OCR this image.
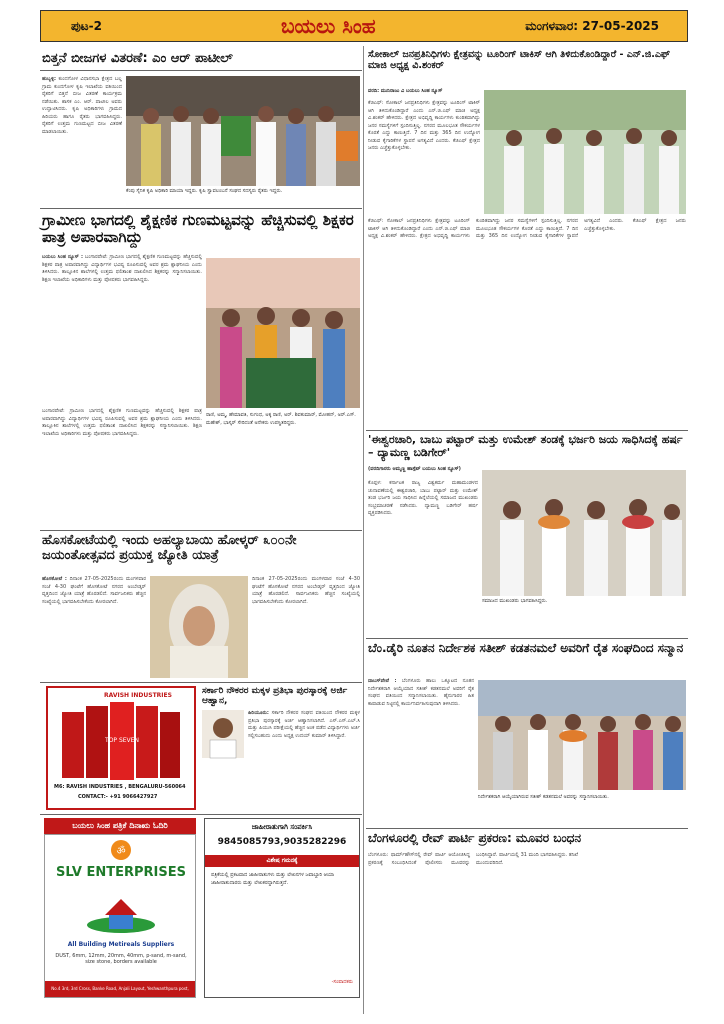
ಪುಟ-2	ಬಯಲು ಸಿಂಹ	ಮಂಗಳವಾರ: 27-05-2025
ಬಿತ್ತನೆ ಬೀಜಗಳ ವಿತರಣೆ: ಎಂ ಆರ್ ಪಾಟೀಲ್
ಹುಬ್ಬಳ್ಳಿ: ಕುಂದಗೋಳ ವಿಧಾನಸಭಾ ಕ್ಷೇತ್ರದ ಬಲ್ಲ ಗ್ರಾಮ ಕುಂದಗೋಳ ಕೃಷಿ ಇಲಾಖೆಯ ವತಿಯಿಂದ ರೈತರಿಗೆ ಬಿತ್ತನೆ ಬೀಜ ವಿತರಣೆ ಕಾರ್ಯಕ್ರಮ ನಡೆಯಿತು. ಶಾಸಕ ಎಂ. ಆರ್. ಪಾಟೀಲ ಅವರು ಉದ್ಘಾಟಿಸಿದರು. ಕೃಷಿ ಅಧಿಕಾರಿಗಳು ಗ್ರಾಮದ ಹಿರಿಯರು ಹಾಗೂ ರೈತರು ಭಾಗವಹಿಸಿದ್ದರು. ರೈತರಿಗೆ ಉತ್ತಮ ಗುಣಮಟ್ಟದ ಬೀಜ ವಿತರಣೆ ಮಾಡಲಾಯಿತು.
ಕೆಂಪು ಸೈನಿಕ ಕೃಷಿ ಅಧಿಕಾರಿ ಮಾಯಾ ಇದ್ದರು. ಕೃಷಿ ಸ್ವಾವಲಂಬನೆ ಸಂಘದ ಸದಸ್ಯರು ರೈತರು ಇದ್ದರು.
ಗ್ರಾಮೀಣ ಭಾಗದಲ್ಲಿ ಶೈಕ್ಷಣಿಕ ಗುಣಮಟ್ಟವನ್ನು ಹೆಚ್ಚಿಸುವಲ್ಲಿ ಶಿಕ್ಷಕರ ಪಾತ್ರ ಅಪಾರವಾಗಿದ್ದು
ಬಯಲು ಸಿಂಹ ನ್ಯೂಸ್ : ಬಂಗಾರಪೇಟೆ: ಗ್ರಾಮೀಣ ಭಾಗದಲ್ಲಿ ಶೈಕ್ಷಣಿಕ ಗುಣಮಟ್ಟವನ್ನು ಹೆಚ್ಚಿಸುವಲ್ಲಿ ಶಿಕ್ಷಕರ ಪಾತ್ರ ಅಪಾರವಾಗಿದ್ದು ವಿದ್ಯಾರ್ಥಿಗಳ ಭವಿಷ್ಯ ರೂಪಿಸುವಲ್ಲಿ ಅವರ ಶ್ರಮ ಶ್ಲಾಘನೀಯ ಎಂದು ತಿಳಿಸಿದರು. ತಾಲ್ಲೂಕಿನ ಶಾಲೆಗಳಲ್ಲಿ ಉತ್ತಮ ಫಲಿತಾಂಶ ದಾಖಲಿಸಿದ ಶಿಕ್ಷಕರನ್ನು ಸನ್ಮಾನಿಸಲಾಯಿತು. ಶಿಕ್ಷಣ ಇಲಾಖೆಯ ಅಧಿಕಾರಿಗಳು ಮತ್ತು ಪೋಷಕರು ಭಾಗವಹಿಸಿದ್ದರು.
ಬಂಗಾರಪೇಟೆ: ಗ್ರಾಮೀಣ ಭಾಗದಲ್ಲಿ ಶೈಕ್ಷಣಿಕ ಗುಣಮಟ್ಟವನ್ನು ಹೆಚ್ಚಿಸುವಲ್ಲಿ ಶಿಕ್ಷಕರ ಪಾತ್ರ ಅಪಾರವಾಗಿದ್ದು ವಿದ್ಯಾರ್ಥಿಗಳ ಭವಿಷ್ಯ ರೂಪಿಸುವಲ್ಲಿ ಅವರ ಶ್ರಮ ಶ್ಲಾಘನೀಯ ಎಂದು ತಿಳಿಸಿದರು. ತಾಲ್ಲೂಕಿನ ಶಾಲೆಗಳಲ್ಲಿ ಉತ್ತಮ ಫಲಿತಾಂಶ ದಾಖಲಿಸಿದ ಶಿಕ್ಷಕರನ್ನು ಸನ್ಮಾನಿಸಲಾಯಿತು. ಶಿಕ್ಷಣ ಇಲಾಖೆಯ ಅಧಿಕಾರಿಗಳು ಮತ್ತು ಪೋಷಕರು ಭಾಗವಹಿಸಿದ್ದರು.
ರಾಣಿ, ಅಮ್ಮ, ಹೇಮಾವತಿ, ಸುಗಂಧ, ಅಕ್ಕ ರಾಣಿ, ಅರ್. ಶಿವಕುಮಾರ್, ಮೋಹನ್, ಅರ್.ಎಸ್. ಮಹೇಶ್, ಭಾಸ್ಕರ್ ಸೇರಿದಂತೆ ಅನೇಕರು ಉಪಸ್ಥಿತರಿದ್ದರು.
ಹೊಸಕೋಟೆಯಲ್ಲಿ ಇಂದು ಅಹಲ್ಯಾಬಾಯಿ ಹೋಳ್ಕರ್ ೩೦೦ನೇ ಜಯಂತೋತ್ಸವದ ಪ್ರಯುಕ್ತ ಜ್ಯೋತಿ ಯಾತ್ರೆ
ಹೊಸಕೋಟೆ : ದಿನಾಂಕ 27-05-2025ರಂದು ಮಂಗಳವಾರ ಸಂಜೆ 4-30 ಘಂಟೆಗೆ ಹೊಸಕೋಟೆ ನಗರದ ಅಂಬೇಡ್ಕರ್ ವೃತ್ತದಿಂದ ಜ್ಯೋತಿ ಯಾತ್ರೆ ಹೊರಡಲಿದೆ. ಸಾರ್ವಜನಿಕರು ಹೆಚ್ಚಿನ ಸಂಖ್ಯೆಯಲ್ಲಿ ಭಾಗವಹಿಸಬೇಕೆಂದು ಕೋರಲಾಗಿದೆ.
ದಿನಾಂಕ 27-05-2025ರಂದು ಮಂಗಳವಾರ ಸಂಜೆ 4-30 ಘಂಟೆಗೆ ಹೊಸಕೋಟೆ ನಗರದ ಅಂಬೇಡ್ಕರ್ ವೃತ್ತದಿಂದ ಜ್ಯೋತಿ ಯಾತ್ರೆ ಹೊರಡಲಿದೆ. ಸಾರ್ವಜನಿಕರು ಹೆಚ್ಚಿನ ಸಂಖ್ಯೆಯಲ್ಲಿ ಭಾಗವಹಿಸಬೇಕೆಂದು ಕೋರಲಾಗಿದೆ.
RAVISH INDUSTRIES
TOP SEVEN
M6: RAVISH INDUSTRIES , BENGALURU-560064
CONTACT:- +91 9066427927
ಸರ್ಕಾರಿ ನೌಕರರ ಮಕ್ಕಳ ಪ್ರತಿಭಾ ಪುರಸ್ಕಾರಕ್ಕೆ ಅರ್ಜಿ ಆಹ್ವಾನ,
ಹಿರಿಯೂರು: ಸರ್ಕಾರಿ ನೌಕರರ ಸಂಘದ ವತಿಯಿಂದ ನೌಕರರ ಮಕ್ಕಳ ಪ್ರತಿಭಾ ಪುರಸ್ಕಾರಕ್ಕೆ ಅರ್ಜಿ ಆಹ್ವಾನಿಸಲಾಗಿದೆ. ಎಸ್.ಎಸ್.ಎಲ್.ಸಿ ಮತ್ತು ಪಿಯುಸಿ ಪರೀಕ್ಷೆಯಲ್ಲಿ ಹೆಚ್ಚಿನ ಅಂಕ ಪಡೆದ ವಿದ್ಯಾರ್ಥಿಗಳು ಅರ್ಜಿ ಸಲ್ಲಿಸಬಹುದು ಎಂದು ಅಧ್ಯಕ್ಷ ಉದಯ್ ಕುಮಾರ್ ತಿಳಿಸಿದ್ದಾರೆ.
ಬಯಲು ಸಿಂಹ ಪತ್ರಿಕೆ ದಿನಾಋ ಓದಿರಿ
ॐ
SLV ENTERPRISES
All Building Metireals Suppliers
DUST, 6mm, 12mm, 20mm, 40mm, p-sand, m-sand, size stone, borders available
No.4 3rd, 3rd Cross, Banke Road, Anjali Layout, Yeshwanthpura post, Bengaluru-22
ಜಾಹೀರಾತುಗಾಗಿ ಸಂಪರ್ಕಿಸಿ
9845085793,9035282296
ವಿಶೇಷ ಗಮನಕ್ಕೆ
ಪತ್ರಿಕೆಯಲ್ಲಿ ಪ್ರಕಟವಾದ ಜಾಹೀರಾತುಗಳು ಮತ್ತು ಲೇಖನಗಳ ಜವಾಬ್ದಾರಿ ಆಯಾ ಜಾಹೀರಾತುದಾರರು ಮತ್ತು ಲೇಖಕರದ್ದಾಗಿರುತ್ತದೆ.
-ಸಂಪಾದಕರು
ಸೋಕಾಲ್ ಜನಪ್ರತಿನಿಧಿಗಳು ಕ್ಷೇತ್ರವನ್ನು ಟೂರಿಂಗ್ ಟಾಕಿಸ್ ಆಗಿ ತಿಳಿದುಕೊಂಡಿದ್ದಾರೆ - ಎನ್.ಜಿ.ಎಫ್ ಮಾಜಿ ಅಧ್ಯಕ್ಷ ವಿ.ಶಂಕರ್
ವರದಿ: ಮುನಿರಾಜು ವಿ ಬಯಲು ಸಿಂಹ ನ್ಯೂಸ್
ಕೆಜಿಎಫ್: ಸೋಕಾಲ್ ಜನಪ್ರತಿನಿಧಿಗಳು ಕ್ಷೇತ್ರವನ್ನು ಟೂರಿಂಗ್ ಟಾಕಿಸ್ ಆಗಿ ತಿಳಿದುಕೊಂಡಿದ್ದಾರೆ ಎಂದು ಎನ್.ಜಿ.ಎಫ್ ಮಾಜಿ ಅಧ್ಯಕ್ಷ ವಿ.ಶಂಕರ್ ಹೇಳಿದರು. ಕ್ಷೇತ್ರದ ಅಭಿವೃದ್ಧಿ ಕಾರ್ಯಗಳು ಕುಂಠಿತವಾಗಿದ್ದು ಜನರ ಸಮಸ್ಯೆಗಳಿಗೆ ಸ್ಪಂದಿಸುತ್ತಿಲ್ಲ. ನಗರದ ಮೂಲಭೂತ ಸೌಕರ್ಯಗಳ ಕೊರತೆ ಎದ್ದು ಕಾಣುತ್ತಿದೆ. 7 ದಿನ ಮತ್ತು 365 ದಿನ ಉದ್ಯೋಗ ನೀಡುವ ಕೈಗಾರಿಕೆಗಳ ಸ್ಥಾಪನೆ ಅಗತ್ಯವಿದೆ ಎಂದರು. ಕೆಜಿಎಫ್ ಕ್ಷೇತ್ರದ ಜನರು ಎಚ್ಚೆತ್ತುಕೊಳ್ಳಬೇಕು.
ಕೆಜಿಎಫ್: ಸೋಕಾಲ್ ಜನಪ್ರತಿನಿಧಿಗಳು ಕ್ಷೇತ್ರವನ್ನು ಟೂರಿಂಗ್ ಟಾಕಿಸ್ ಆಗಿ ತಿಳಿದುಕೊಂಡಿದ್ದಾರೆ ಎಂದು ಎನ್.ಜಿ.ಎಫ್ ಮಾಜಿ ಅಧ್ಯಕ್ಷ ವಿ.ಶಂಕರ್ ಹೇಳಿದರು. ಕ್ಷೇತ್ರದ ಅಭಿವೃದ್ಧಿ ಕಾರ್ಯಗಳು ಕುಂಠಿತವಾಗಿದ್ದು ಜನರ ಸಮಸ್ಯೆಗಳಿಗೆ ಸ್ಪಂದಿಸುತ್ತಿಲ್ಲ. ನಗರದ ಮೂಲಭೂತ ಸೌಕರ್ಯಗಳ ಕೊರತೆ ಎದ್ದು ಕಾಣುತ್ತಿದೆ. 7 ದಿನ ಮತ್ತು 365 ದಿನ ಉದ್ಯೋಗ ನೀಡುವ ಕೈಗಾರಿಕೆಗಳ ಸ್ಥಾಪನೆ ಅಗತ್ಯವಿದೆ ಎಂದರು. ಕೆಜಿಎಫ್ ಕ್ಷೇತ್ರದ ಜನರು ಎಚ್ಚೆತ್ತುಕೊಳ್ಳಬೇಕು.
'ಈಶ್ವರಚಾರಿ, ಬಾಬು ಪಟ್ಟಾರ್ ಮತ್ತು ಉಮೇಶ್ ತಂಡಕ್ಕೆ ಭರ್ಜರಿ ಜಯ ಸಾಧಿಸಿದಕ್ಕೆ ಹರ್ಷ – ದ್ಯಾಮಣ್ಣ ಬಡಿಗೇರ್'
(ವರದಿಗಾರರು ಅಮ್ಮಣ್ಣ ಹಾಸ್ಪೆಟ್ ಬಯಲು ಸಿಂಹ ನ್ಯೂಸ್)
ಕೊಪ್ಪಳ: ಕರ್ನಾಟಕ ರಾಜ್ಯ ವಿಶ್ವಕರ್ಮ ಮಹಾಮಂಡಳದ ಚುನಾವಣೆಯಲ್ಲಿ ಈಶ್ವರಚಾರಿ, ಬಾಬು ಪಟ್ಟಾರ್ ಮತ್ತು ಉಮೇಶ್ ತಂಡ ಭರ್ಜರಿ ಜಯ ಸಾಧಿಸಿದ ಹಿನ್ನೆಲೆಯಲ್ಲಿ ಸಮಾಜದ ಮುಖಂಡರು ಸಂಭ್ರಮಾಚರಣೆ ನಡೆಸಿದರು. ದ್ಯಾಮಣ್ಣ ಬಡಿಗೇರ್ ಹರ್ಷ ವ್ಯಕ್ತಪಡಿಸಿದರು.
ಸಮಾಜದ ಮುಖಂಡರು ಭಾಗವಹಿಸಿದ್ದರು.
ಬೆಂ.ಡೈರಿ ನೂತನ ನಿರ್ದೇಶಕ ಸತೀಶ್ ಕಡತನಮಲೆ ಅವರಿಗೆ ರೈತ ಸಂಘದಿಂದ ಸನ್ಮಾನ
ದಾಬಸ್‌ಪೇಟೆ : ಬೆಂಗಳೂರು ಹಾಲು ಒಕ್ಕೂಟದ ನೂತನ ನಿರ್ದೇಶಕರಾಗಿ ಆಯ್ಕೆಯಾದ ಸತೀಶ್ ಕಡತನಮಲೆ ಅವರಿಗೆ ರೈತ ಸಂಘದ ವತಿಯಿಂದ ಸನ್ಮಾನಿಸಲಾಯಿತು. ಹೈನುಗಾರರ ಹಿತ ಕಾಪಾಡುವ ನಿಟ್ಟಿನಲ್ಲಿ ಕಾರ್ಯನಿರ್ವಹಿಸುವುದಾಗಿ ತಿಳಿಸಿದರು.
ನಿರ್ದೇಶಕರಾಗಿ ಆಯ್ಕೆಯಾಗಿರುವ ಸತೀಶ್ ಕಡತನಮಲೆ ಅವರನ್ನು ಸನ್ಮಾನಿಸಲಾಯಿತು.
ಬೆಂಗಳೂರಲ್ಲಿ ರೇವ್ ಪಾರ್ಟಿ ಪ್ರಕರಣ: ಮೂವರ ಬಂಧನ
ಬೆಂಗಳೂರು: ಫಾರ್ಮ್‌ಹೌಸ್‌ನಲ್ಲಿ ರೇವ್ ಪಾರ್ಟಿ ಆಯೋಜಿಸಿದ್ದ ಪ್ರಕರಣಕ್ಕೆ ಸಂಬಂಧಿಸಿದಂತೆ ಪೊಲೀಸರು ಮೂವರನ್ನು ಬಂಧಿಸಿದ್ದಾರೆ. ಪಾರ್ಟಿಯಲ್ಲಿ 31 ಮಂದಿ ಭಾಗವಹಿಸಿದ್ದರು. ತನಿಖೆ ಮುಂದುವರಿದಿದೆ.
